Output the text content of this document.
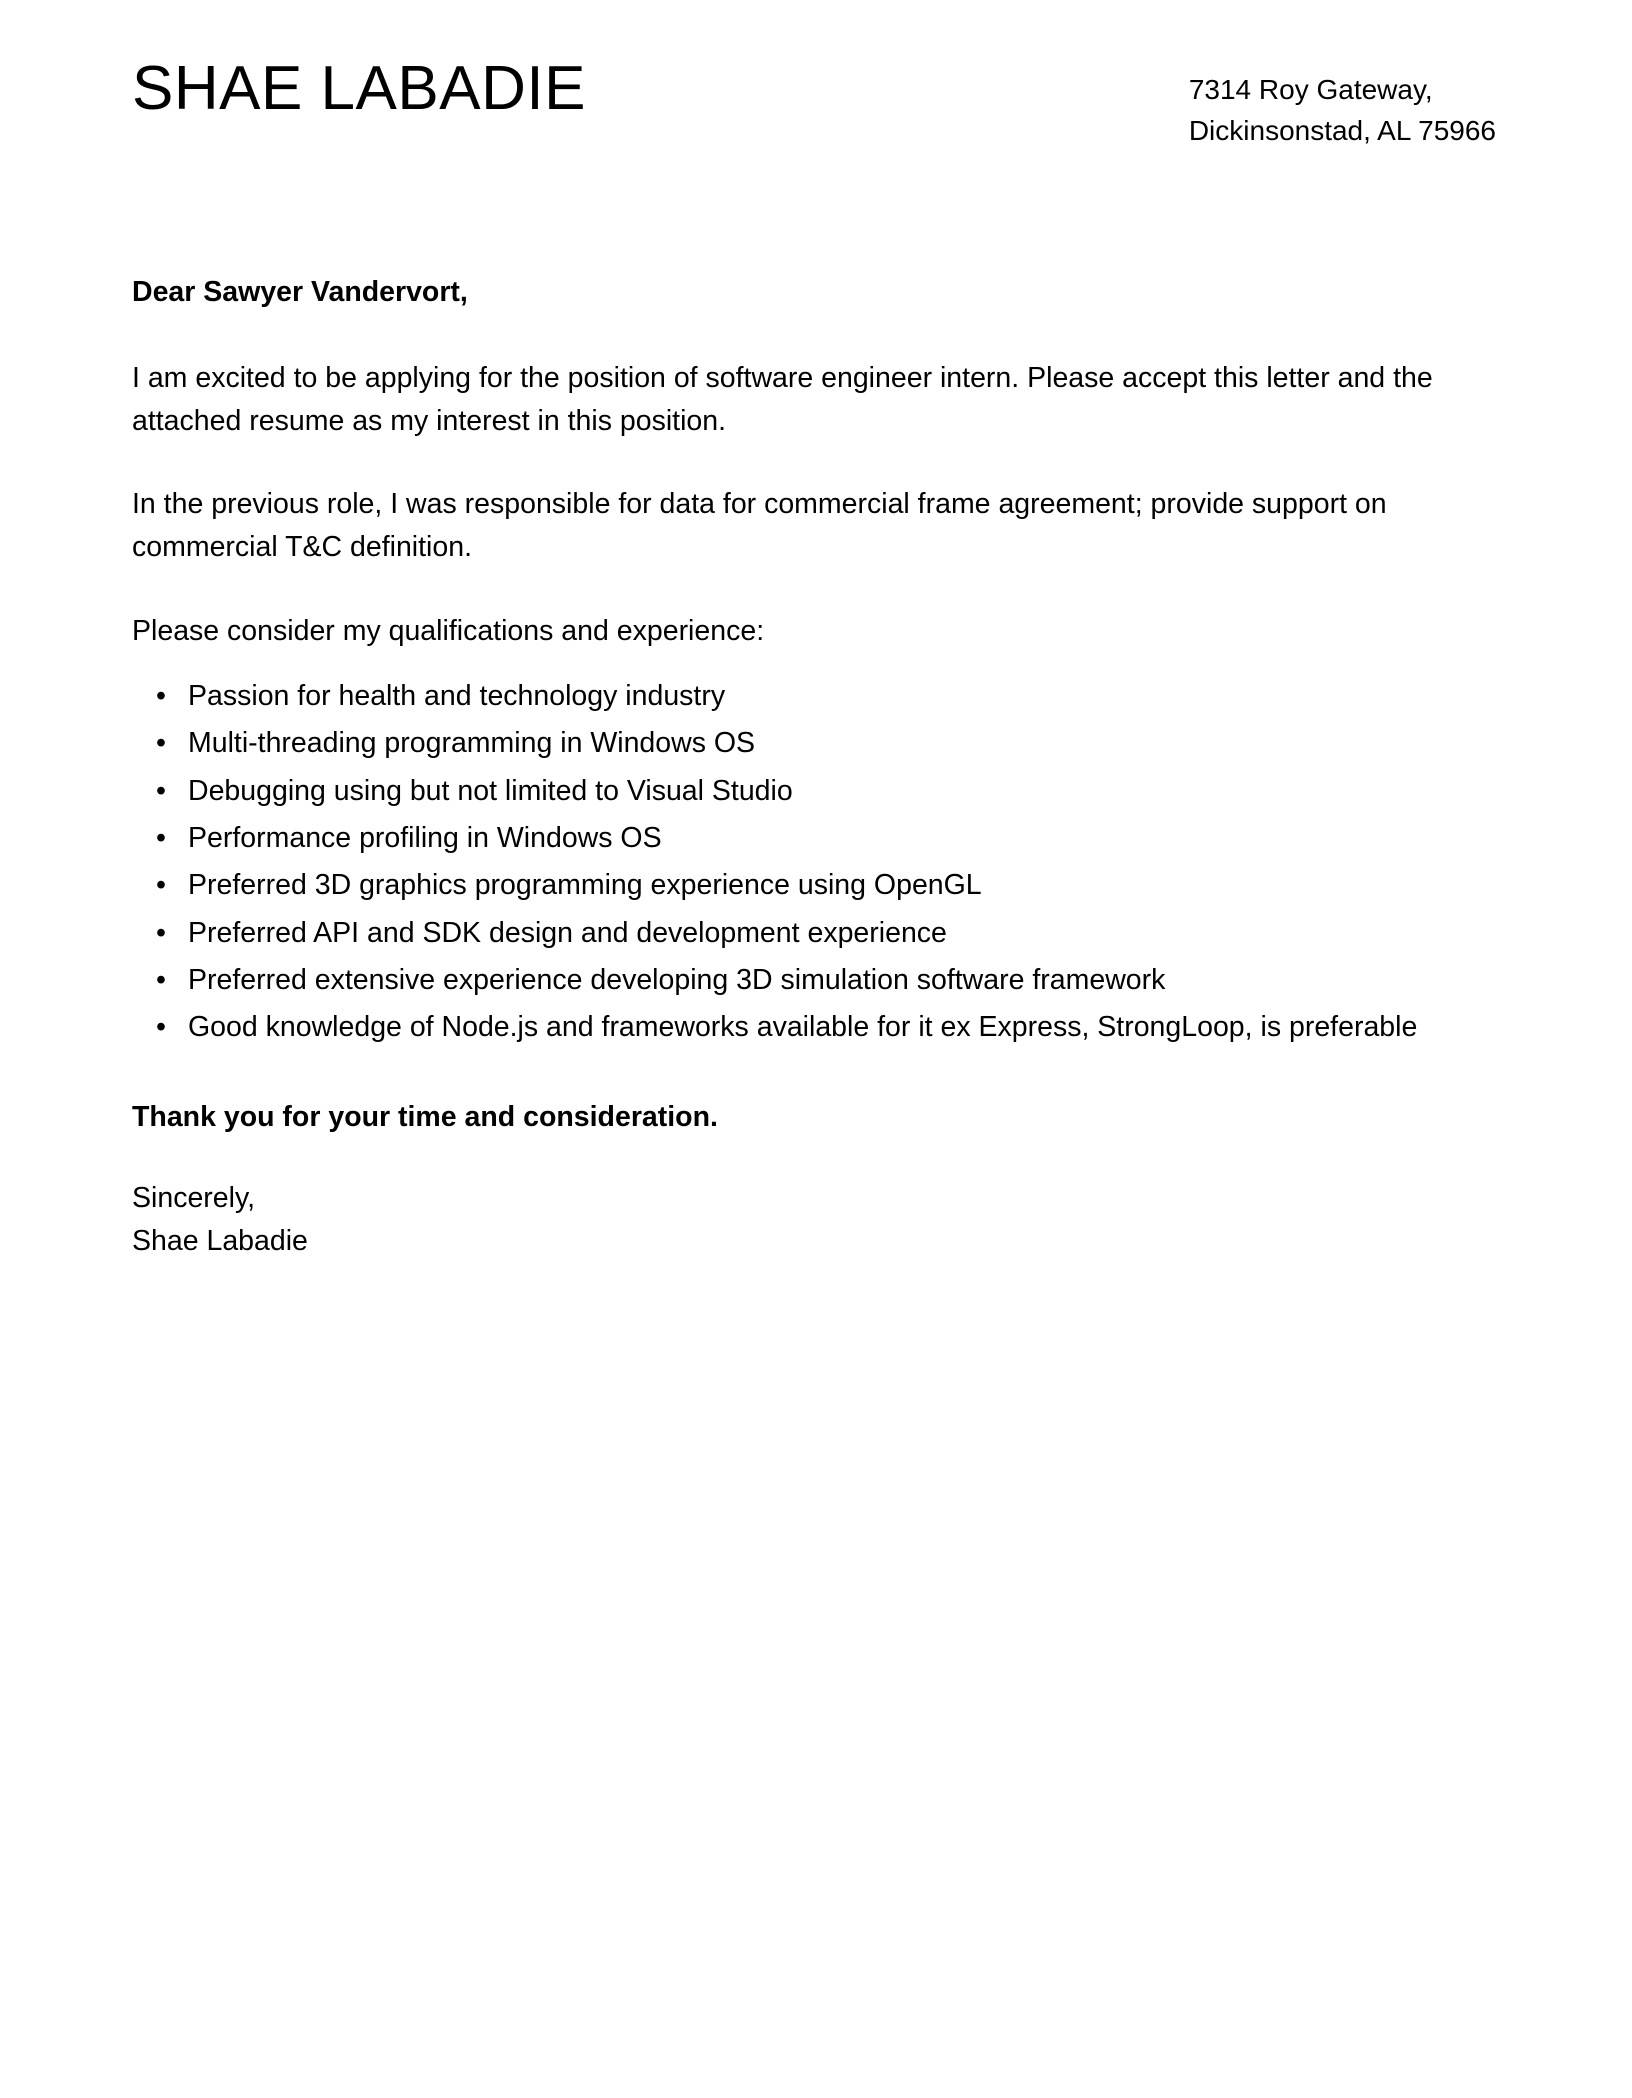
SHAE LABADIE	7314 Roy Gateway,
Dickinsonstad, AL 75966

Dear Sawyer Vandervort,

I am excited to be applying for the position of software engineer intern. Please accept this letter and the attached resume as my interest in this position.

In the previous role, I was responsible for data for commercial frame agreement; provide support on commercial T&C definition.

Please consider my qualifications and experience:

• Passion for health and technology industry
• Multi-threading programming in Windows OS
• Debugging using but not limited to Visual Studio
• Performance profiling in Windows OS
• Preferred 3D graphics programming experience using OpenGL
• Preferred API and SDK design and development experience
• Preferred extensive experience developing 3D simulation software framework
• Good knowledge of Node.js and frameworks available for it ex Express, StrongLoop, is preferable

Thank you for your time and consideration.

Sincerely,
Shae Labadie
